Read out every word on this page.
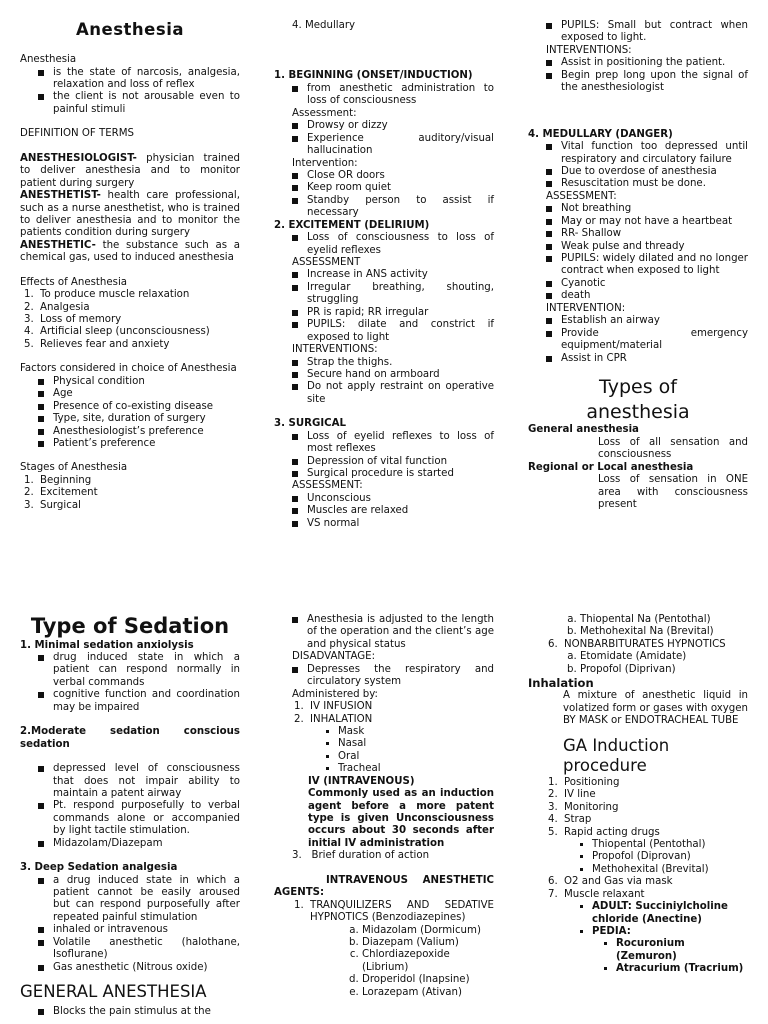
Anesthesia

Anesthesia

is the state of narcosis, analgesia, relaxation and loss of reflex
the client is not arousable even to painful stimuli

DEFINITION OF TERMS

ANESTHESIOLOGIST- physician trained to deliver anesthesia and to monitor patient during surgery

ANESTHETIST- health care professional, such as a nurse anesthetist, who is trained to deliver anesthesia and to monitor the patients condition during surgery

ANESTHETIC- the substance such as a chemical gas, used to induced anesthesia

Effects of Anesthesia

1. To produce muscle relaxation
2. Analgesia
3. Loss of memory
4. Artificial sleep (unconsciousness)
5. Relieves fear and anxiety

Factors considered in choice of Anesthesia

Physical condition
Age
Presence of co-existing disease
Type, site, duration of surgery
Anesthesiologist’s preference
Patient’s preference

Stages of Anesthesia

1. Beginning
2. Excitement
3. Surgical

4. Medullary

1. BEGINNING (ONSET/INDUCTION)

from anesthetic administration to loss of consciousness

Assessment:

Drowsy or dizzy
Experience auditory/visual hallucination

Intervention:

Close OR doors
Keep room quiet
Standby person to assist if necessary

2. EXCITEMENT (DELIRIUM)

Loss of consciousness to loss of eyelid reflexes

ASSESSMENT

Increase in ANS activity
Irregular breathing, shouting, struggling
PR is rapid; RR irregular
PUPILS: dilate and constrict if exposed to light

INTERVENTIONS:

Strap the thighs.
Secure hand on armboard
Do not apply restraint on operative site

3. SURGICAL

Loss of eyelid reflexes to loss of most reflexes
Depression of vital function
Surgical procedure is started

ASSESSMENT:

Unconscious
Muscles are relaxed
VS normal
PUPILS: Small but contract when exposed to light.

INTERVENTIONS:

Assist in positioning the patient.
Begin prep long upon the signal of the anesthesiologist

4. MEDULLARY (DANGER)

Vital function too depressed until respiratory and circulatory failure
Due to overdose of anesthesia
Resuscitation must be done.

ASSESSMENT:

Not breathing
May or may not have a heartbeat
RR- Shallow
Weak pulse and thready
PUPILS: widely dilated and no longer contract when exposed to light
Cyanotic
death

INTERVENTION:

Establish an airway
Provide emergency equipment/material
Assist in CPR
Types of
anesthesia

General anesthesia

Loss of all sensation and consciousness

Regional or Local anesthesia

Loss of sensation in ONE area with consciousness present

Type of Sedation

1. Minimal sedation anxiolysis

drug induced state in which a patient can respond normally in verbal commands
cognitive function and coordination may be impaired

2.Moderate sedation conscious sedation

depressed level of consciousness that does not impair ability to maintain a patent airway
Pt. respond purposefully to verbal commands alone or accompanied by light tactile stimulation.
Midazolam/Diazepam

3. Deep Sedation analgesia

a drug induced state in which a patient cannot be easily aroused but can respond purposefully after repeated painful stimulation
inhaled or intravenous
Volatile anesthetic (halothane, Isoflurane)
Gas anesthetic (Nitrous oxide)
GENERAL ANESTHESIA
Blocks the pain stimulus at the
Anesthesia is adjusted to the length of the operation and the client’s age and physical status

DISADVANTAGE:

Depresses the respiratory and circulatory system

Administered by:

1. IV INFUSION
2. INHALATION
Mask
Nasal
Oral
Tracheal

IV (INTRAVENOUS)

Commonly used as an induction agent before a more patent type is given Unconsciousness occurs about 30 seconds after initial IV administration

3. Brief duration of action

INTRAVENOUS ANESTHETIC AGENTS:

1. TRANQUILIZERS AND SEDATIVE HYPNOTICS (Benzodiazepines)
a. Midazolam (Dormicum)
b. Diazepam (Valium)
c. Chlordiazepoxide (Librium)
d. Droperidol (Inapsine)
e. Lorazepam (Ativan)
a. Thiopental Na (Pentothal)
b. Methohexital Na (Brevital)
6. NONBARBITURATES HYPNOTICS
a. Etomidate (Amidate)
b. Propofol (Diprivan)

Inhalation

A mixture of anesthetic liquid in volatized form or gases with oxygen

BY MASK or ENDOTRACHEAL TUBE

GA Induction
procedure
1. Positioning
2. IV line
3. Monitoring
4. Strap
5. Rapid acting drugs
Thiopental (Pentothal)
Propofol (Diprovan)
Methohexital (Brevital)
6. O2 and Gas via mask
7. Muscle relaxant
ADULT: Succiniylcholine chloride (Anectine)
PEDIA:
Rocuronium (Zemuron)
Atracurium (Tracrium)
